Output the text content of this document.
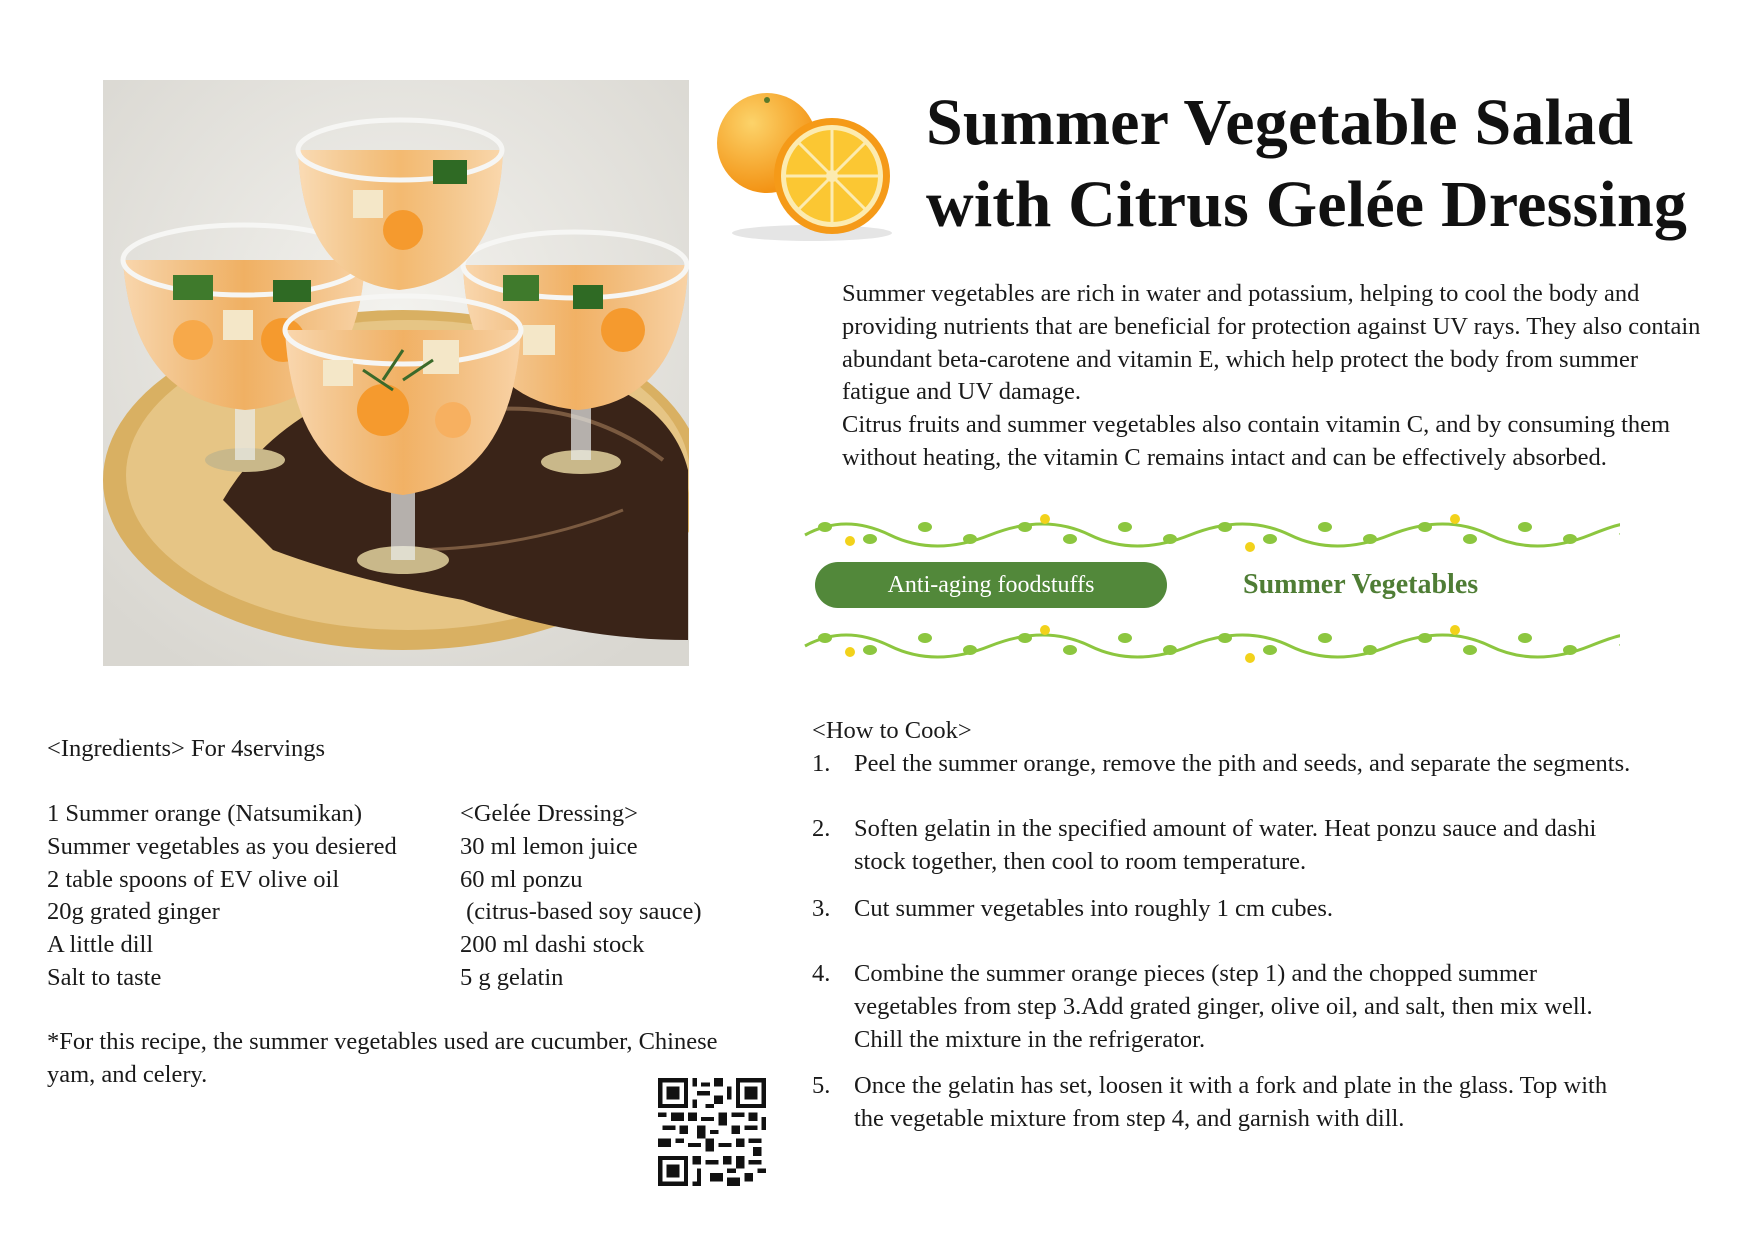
Summer Vegetable Salad
with Citrus Gelée Dressing

Summer vegetables are rich in water and potassium, helping to cool the body and providing nutrients that are beneficial for protection against UV rays. They also contain abundant beta-carotene and vitamin E, which help protect the body from summer fatigue and UV damage.

Citrus fruits and summer vegetables also contain vitamin C, and by consuming them without heating, the vitamin C remains intact and can be effectively absorbed.

Anti-aging foodstuffs	Summer Vegetables
<Ingredients> For 4servings
1 Summer orange (Natsumikan)
Summer vegetables as you desiered
2 table spoons of EV olive oil
20g grated ginger
A little dill
Salt to taste
<Gelée Dressing>
30 ml lemon juice
60 ml ponzu
(citrus-based soy sauce)
200 ml dashi stock
5 g gelatin
*For this recipe, the summer vegetables used are cucumber, Chinese yam, and celery.
<How to Cook>
1. Peel the summer orange, remove the pith and seeds, and separate the segments.
2. Soften gelatin in the specified amount of water. Heat ponzu sauce and dashi stock together, then cool to room temperature.
3. Cut summer vegetables into roughly 1 cm cubes.
4. Combine the summer orange pieces (step 1) and the chopped summer vegetables from step 3.Add grated ginger, olive oil, and salt, then mix well. Chill the mixture in the refrigerator.
5. Once the gelatin has set, loosen it with a fork and plate in the glass. Top with the vegetable mixture from step 4, and garnish with dill.
